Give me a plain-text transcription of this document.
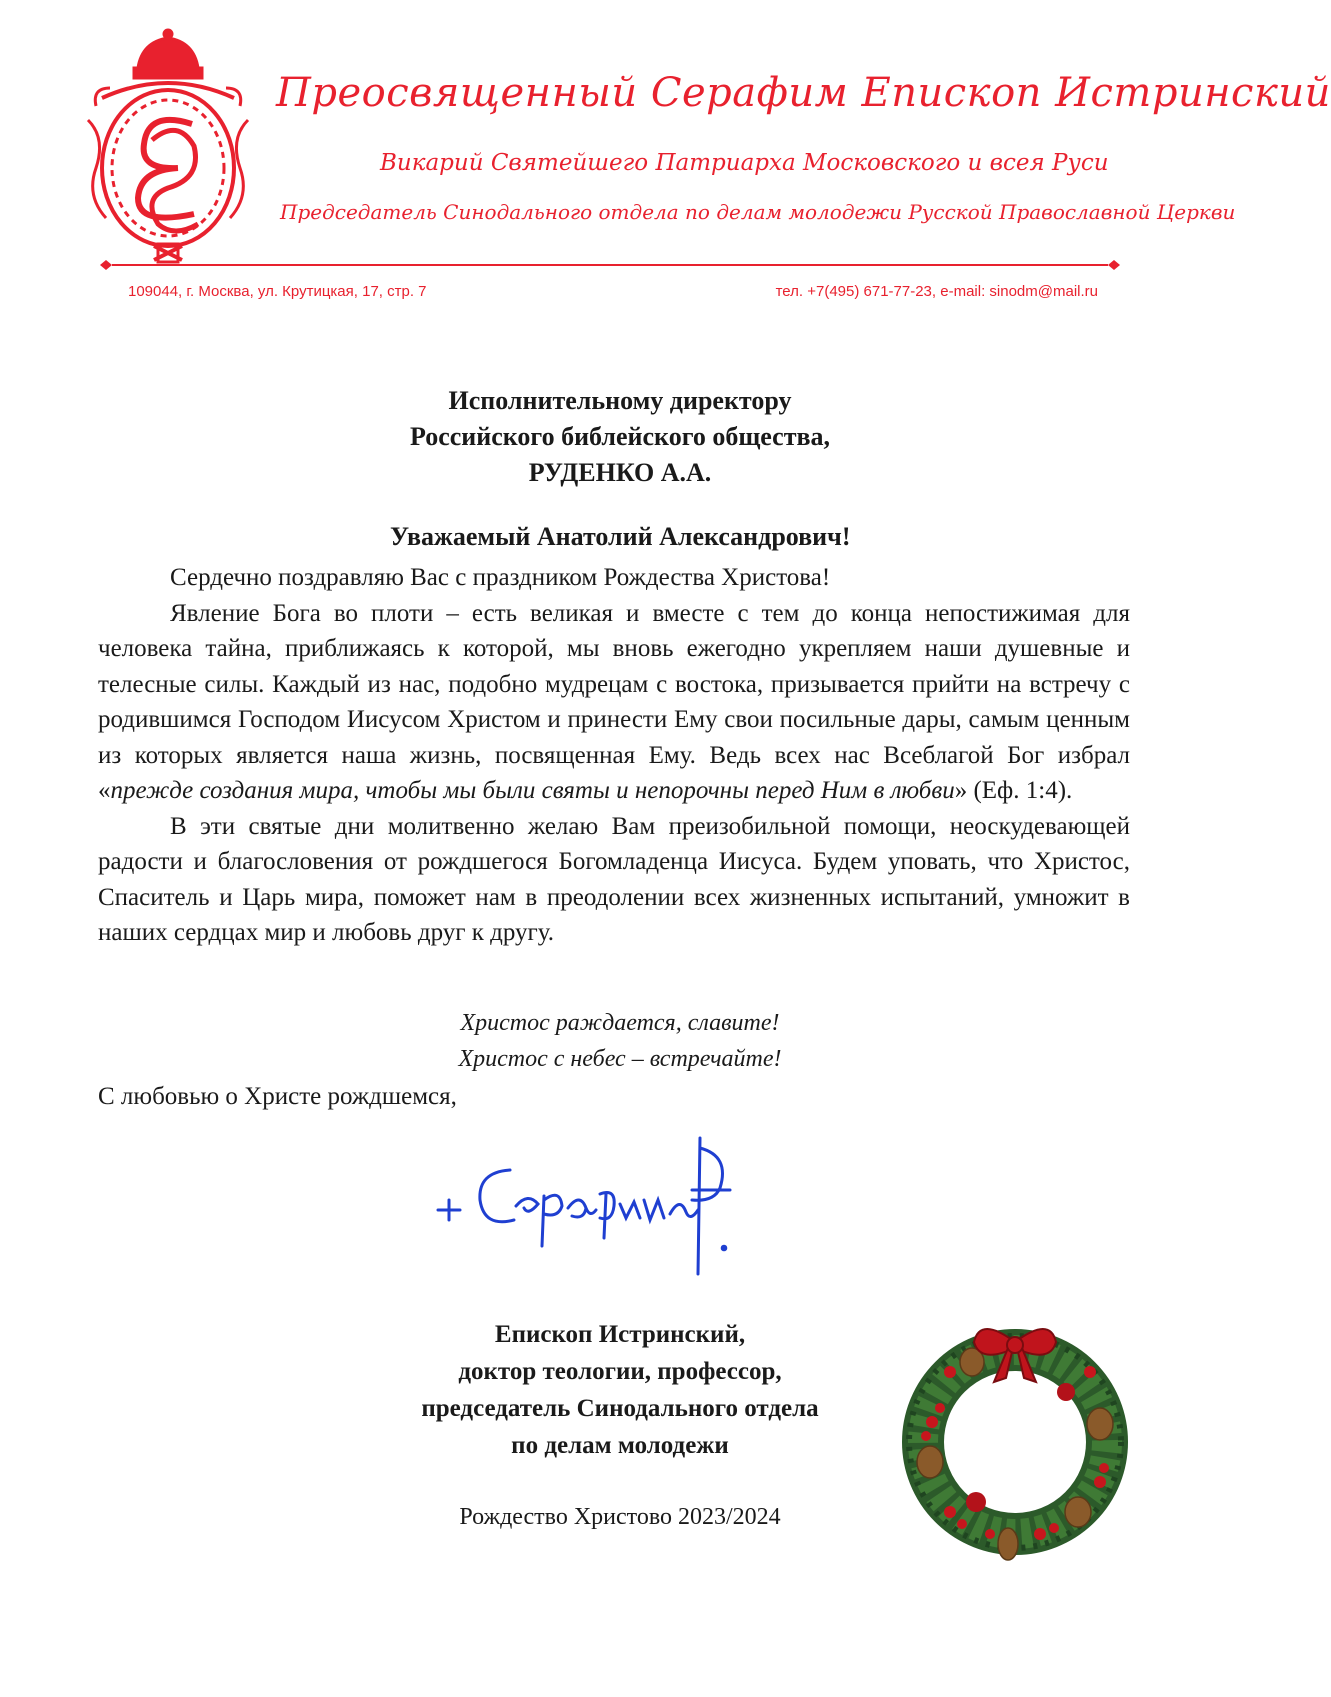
Преосвященный Серафим Епископ Истринский
Викарий Святейшего Патриарха Московского и всея Руси
Председатель Синодального отдела по делам молодежи Русской Православной Церкви
109044, г. Москва, ул. Крутицкая, 17, стр. 7	тел. +7(495) 671-77-23, e-mail: sinodm@mail.ru
Исполнительному директору
Российского библейского общества,
РУДЕНКО А.А.
Уважаемый Анатолий Александрович!

Сердечно поздравляю Вас с праздником Рождества Христова!

Явление Бога во плоти – есть великая и вместе с тем до конца непостижимая для человека тайна, приближаясь к которой, мы вновь ежегодно укрепляем наши душевные и телесные силы. Каждый из нас, подобно мудрецам с востока, призывается прийти на встречу с родившимся Господом Иисусом Христом и принести Ему свои посильные дары, самым ценным из которых является наша жизнь, посвященная Ему. Ведь всех нас Всеблагой Бог избрал «прежде создания мира, чтобы мы были святы и непорочны перед Ним в любви» (Еф. 1:4).

В эти святые дни молитвенно желаю Вам преизобильной помощи, неоскудевающей радости и благословения от рождшегося Богомладенца Иисуса. Будем уповать, что Христос, Спаситель и Царь мира, поможет нам в преодолении всех жизненных испытаний, умножит в наших сердцах мир и любовь друг к другу.

Христос раждается, славите!
Христос с небес – встречайте!
С любовью о Христе рождшемся,
Епископ Истринский,
доктор теологии, профессор,
председатель Синодального отдела
по делам молодежи
Рождество Христово 2023/2024
